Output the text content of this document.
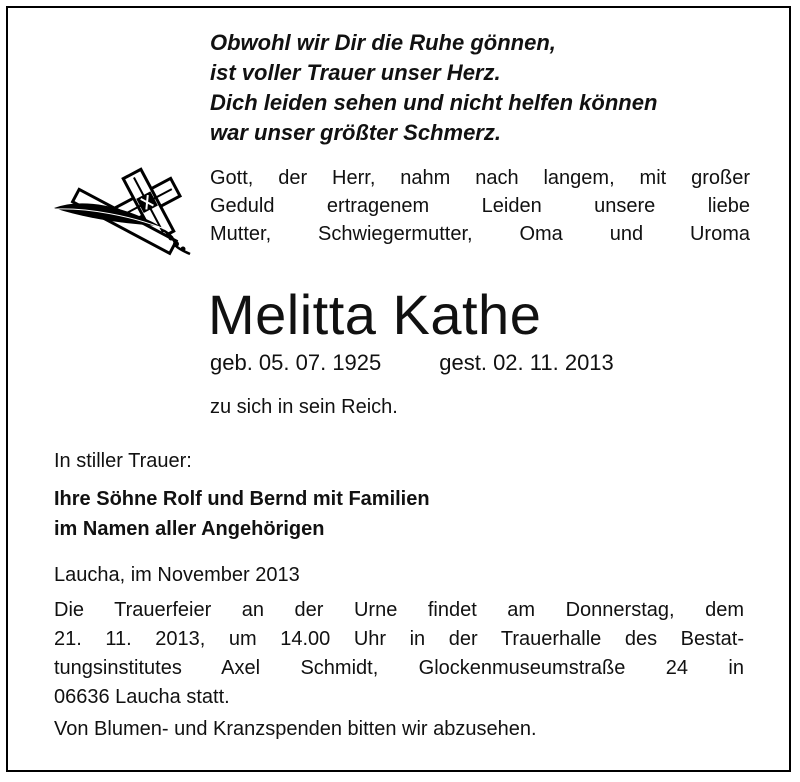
Obwohl wir Dir die Ruhe gönnen,
ist voller Trauer unser Herz.
Dich leiden sehen und nicht helfen können
war unser größter Schmerz.
Gott, der Herr, nahm nach langem, mit großer
Geduld ertragenem Leiden unsere liebe
Mutter, Schwiegermutter, Oma und Uroma
Melitta Kathe
geb. 05. 07. 1925	gest. 02. 11. 2013
zu sich in sein Reich.
In stiller Trauer:
Ihre Söhne Rolf und Bernd mit Familien
im Namen aller Angehörigen
Laucha, im November 2013
Die Trauerfeier an der Urne findet am Donnerstag, dem
21. 11. 2013, um 14.00 Uhr in der Trauerhalle des Bestat-
tungsinstitutes Axel Schmidt, Glockenmuseumstraße 24 in
06636 Laucha statt.
Von Blumen- und Kranzspenden bitten wir abzusehen.
